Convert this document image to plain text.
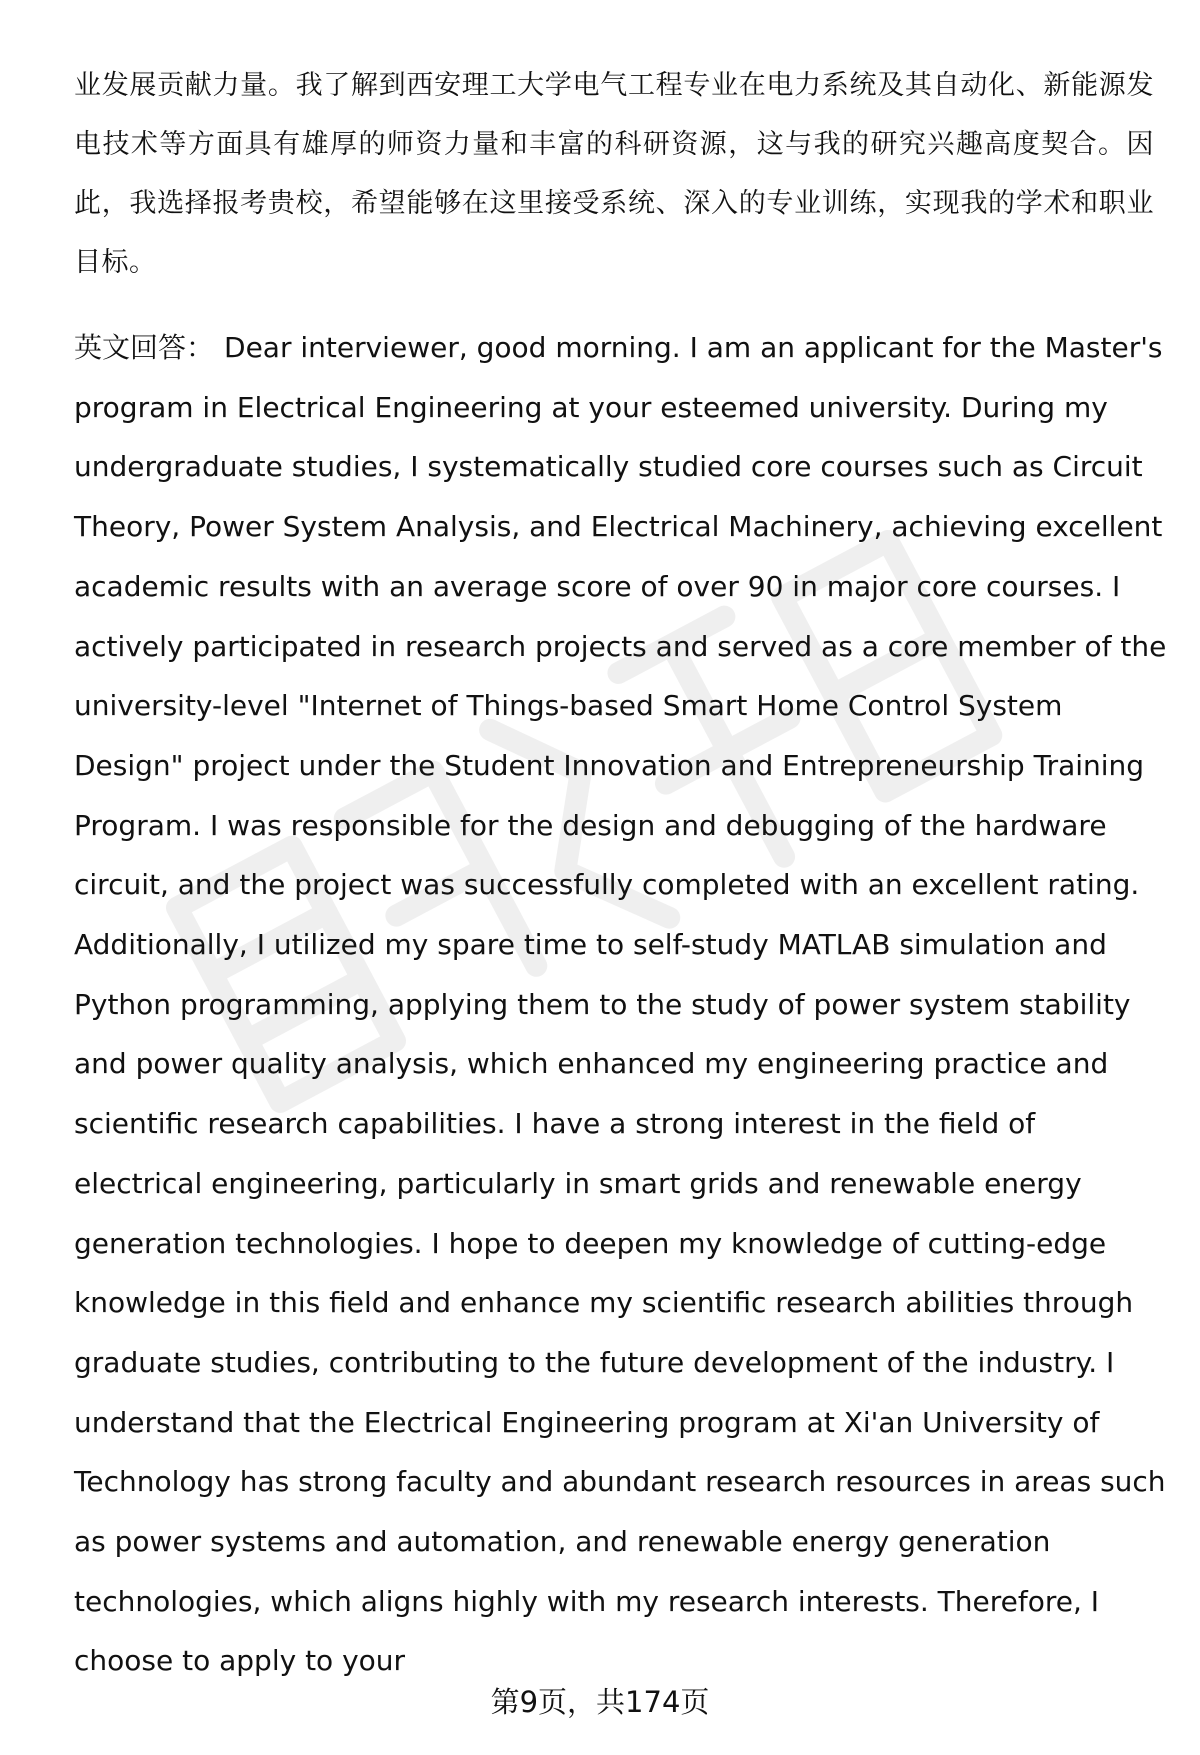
业发展贡献力量。我了解到西安理工大学电气工程专业在电力系统及其自动化、新能源发电技术等方面具有雄厚的师资力量和丰富的科研资源，这与我的研究兴趣高度契合。因此，我选择报考贵校，希望能够在这里接受系统、深入的专业训练，实现我的学术和职业目标。

英文回答： Dear interviewer, good morning. I am an applicant for the Master's program in Electrical Engineering at your esteemed university. During my undergraduate studies, I systematically studied core courses such as Circuit Theory, Power System Analysis, and Electrical Machinery, achieving excellent academic results with an average score of over 90 in major core courses. I actively participated in research projects and served as a core member of the university-level "Internet of Things-based Smart Home Control System Design" project under the Student Innovation and Entrepreneurship Training Program. I was responsible for the design and debugging of the hardware circuit, and the project was successfully completed with an excellent rating. Additionally, I utilized my spare time to self-study MATLAB simulation and Python programming, applying them to the study of power system stability and power quality analysis, which enhanced my engineering practice and scientific research capabilities. I have a strong interest in the field of electrical engineering, particularly in smart grids and renewable energy generation technologies. I hope to deepen my knowledge of cutting-edge knowledge in this field and enhance my scientific research abilities through graduate studies, contributing to the future development of the industry. I understand that the Electrical Engineering program at Xi'an University of Technology has strong faculty and abundant research resources in areas such as power systems and automation, and renewable energy generation technologies, which aligns highly with my research interests. Therefore, I choose to apply to your

第9页，共174页
